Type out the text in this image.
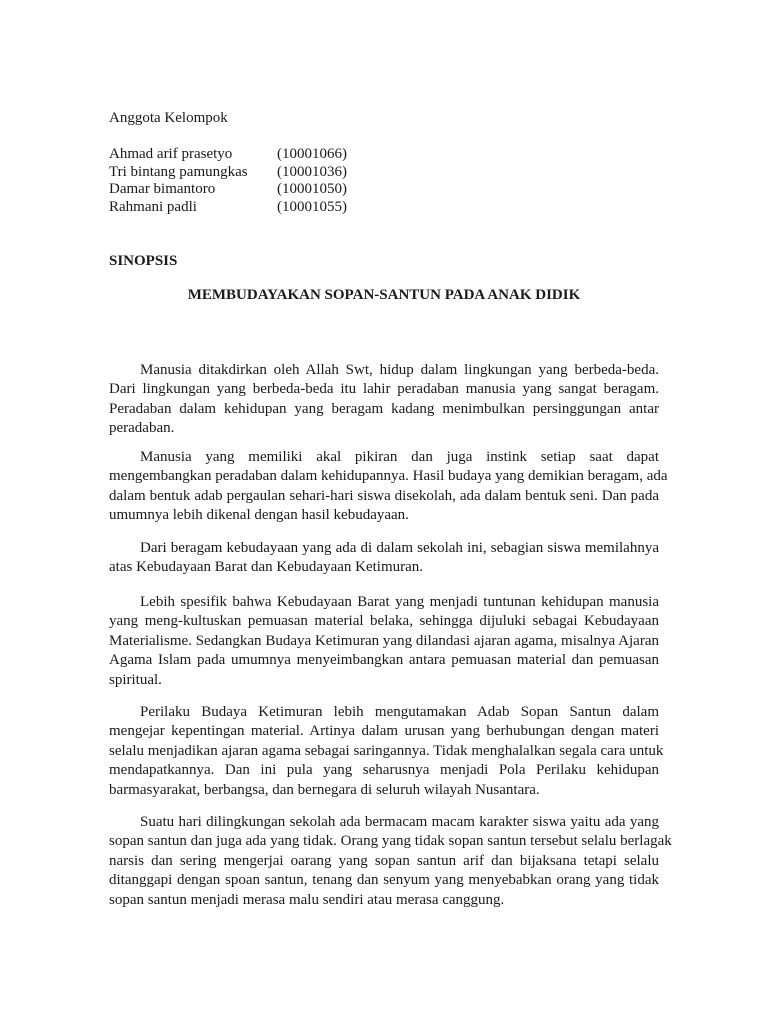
Anggota Kelompok
Ahmad arif prasetyo	(10001066)
Tri bintang pamungkas	(10001036)
Damar bimantoro	(10001050)
Rahmani padli	(10001055)
SINOPSIS
MEMBUDAYAKAN SOPAN-SANTUN PADA ANAK DIDIK
Manusia ditakdirkan oleh Allah Swt, hidup dalam lingkungan yang berbeda-beda.
Dari lingkungan yang berbeda-beda itu lahir peradaban manusia yang sangat beragam.
Peradaban dalam kehidupan yang beragam kadang menimbulkan persinggungan antar
peradaban.
Manusia yang memiliki akal pikiran dan juga instink setiap saat dapat
mengembangkan peradaban dalam kehidupannya. Hasil budaya yang demikian beragam, ada
dalam bentuk adab pergaulan sehari-hari siswa disekolah, ada dalam bentuk seni. Dan pada
umumnya lebih dikenal dengan hasil kebudayaan.
Dari beragam kebudayaan yang ada di dalam sekolah ini, sebagian siswa memilahnya
atas Kebudayaan Barat dan Kebudayaan Ketimuran.
Lebih spesifik bahwa Kebudayaan Barat yang menjadi tuntunan kehidupan manusia
yang meng-kultuskan pemuasan material belaka, sehingga dijuluki sebagai Kebudayaan
Materialisme. Sedangkan Budaya Ketimuran yang dilandasi ajaran agama, misalnya Ajaran
Agama Islam pada umumnya menyeimbangkan antara pemuasan material dan pemuasan
spiritual.
Perilaku Budaya Ketimuran lebih mengutamakan Adab Sopan Santun dalam
mengejar kepentingan material. Artinya dalam urusan yang berhubungan dengan materi
selalu menjadikan ajaran agama sebagai saringannya. Tidak menghalalkan segala cara untuk
mendapatkannya. Dan ini pula yang seharusnya menjadi Pola Perilaku kehidupan
barmasyarakat, berbangsa, dan bernegara di seluruh wilayah Nusantara.
Suatu hari dilingkungan sekolah ada bermacam macam karakter siswa yaitu ada yang
sopan santun dan juga ada yang tidak. Orang yang tidak sopan santun tersebut selalu berlagak
narsis dan sering mengerjai oarang yang sopan santun arif dan bijaksana tetapi selalu
ditanggapi dengan spoan santun, tenang dan senyum yang menyebabkan orang yang tidak
sopan santun menjadi merasa malu sendiri atau merasa canggung.
